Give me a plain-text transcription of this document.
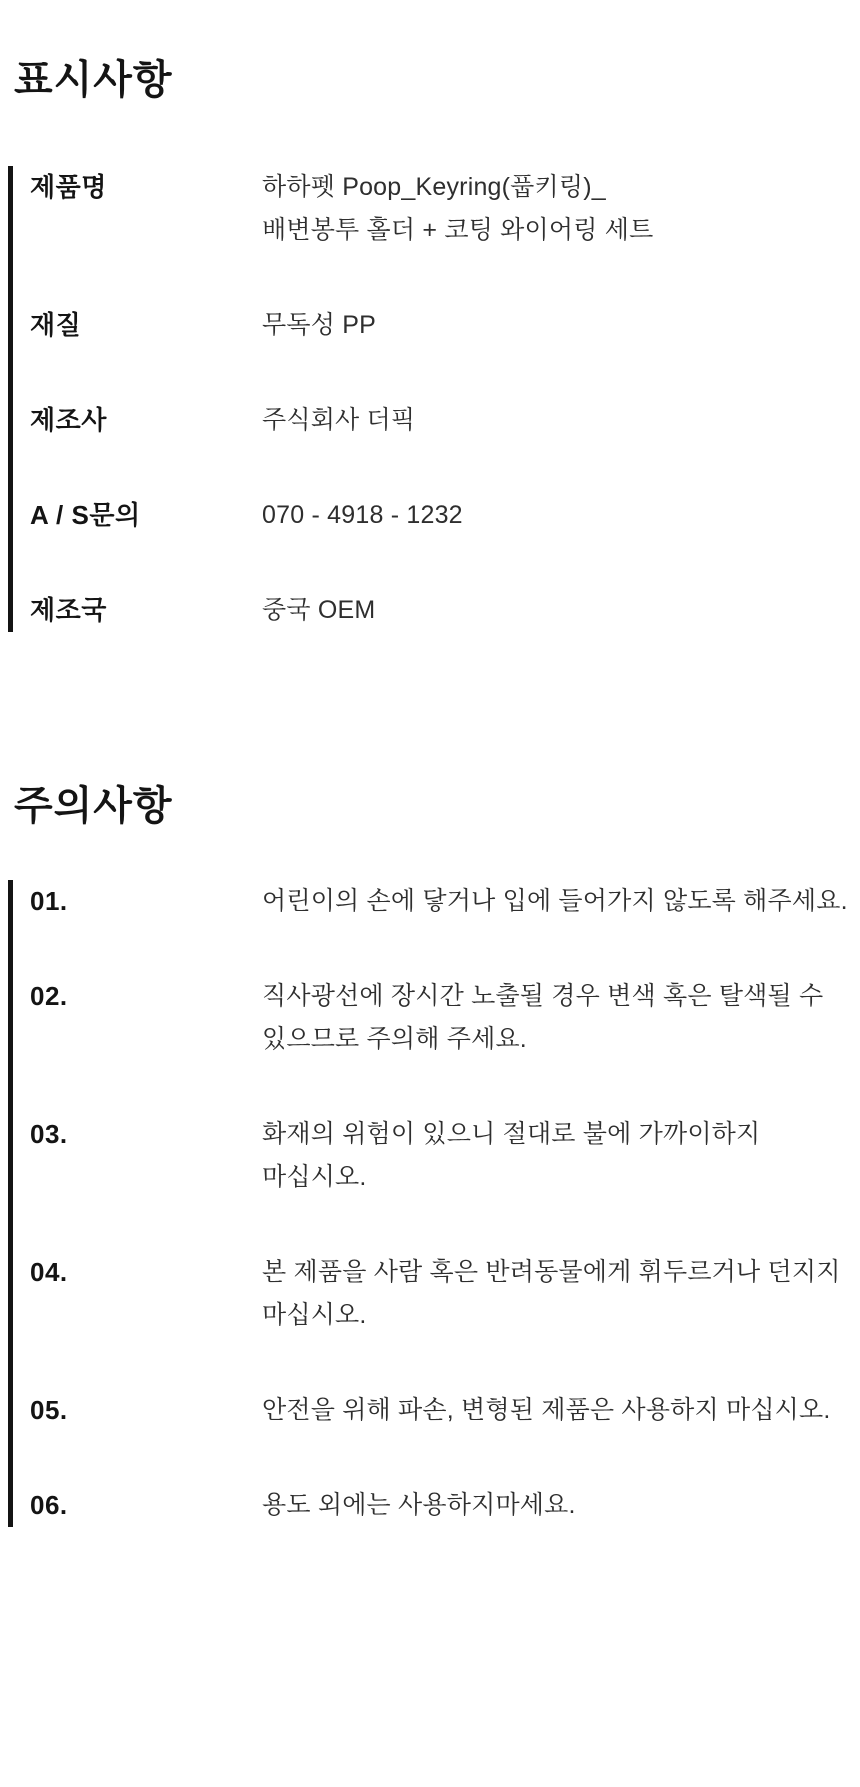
표시사항
제품명	하하펫 Poop_Keyring(풉키링)_
배변봉투 홀더 + 코팅 와이어링 세트
재질	무독성 PP
제조사	주식회사 더픽
A / S문의	070 - 4918 - 1232
제조국	중국 OEM
주의사항
01.	어린이의 손에 닿거나 입에 들어가지 않도록 해주세요.
02.	직사광선에 장시간 노출될 경우 변색 혹은 탈색될 수
있으므로 주의해 주세요.
03.	화재의 위험이 있으니 절대로 불에 가까이하지
마십시오.
04.	본 제품을 사람 혹은 반려동물에게 휘두르거나 던지지
마십시오.
05.	안전을 위해 파손, 변형된 제품은 사용하지 마십시오.
06.	용도 외에는 사용하지마세요.
